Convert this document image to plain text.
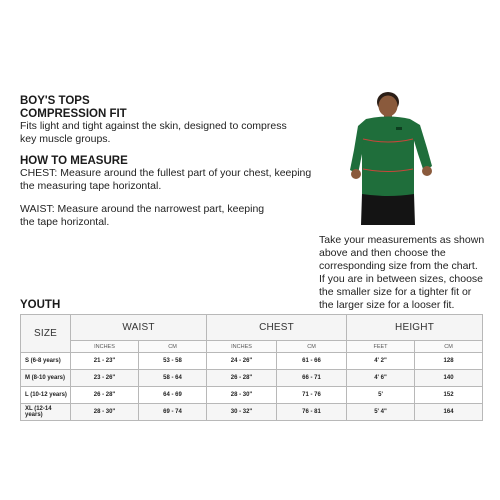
BOY'S TOPS
COMPRESSION FIT
Fits light and tight against the skin, designed to compress
key muscle groups.
HOW TO MEASURE
CHEST: Measure around the fullest part of your chest, keeping
the measuring tape horizontal.
WAIST: Measure around the narrowest part, keeping
the tape horizontal.
Take your measurements as shown
above and then choose the
corresponding size from the chart.
If you are in between sizes, choose
the smaller size for a tighter fit or
the larger size for a looser fit.
YOUTH
SIZE	WAIST		CHEST		HEIGHT	
	INCHES	CM	INCHES	CM	FEET	CM
S (6-8 years)	21 - 23"	53 - 58	24 - 26"	61 - 66	4' 2"	128
M (8-10 years)	23 - 26"	58 - 64	26 - 28"	66 - 71	4' 6"	140
L (10-12 years)	26 - 28"	64 - 69	28 - 30"	71 - 76	5'	152
XL (12-14 years)	28 - 30"	69 - 74	30 - 32"	76 - 81	5' 4"	164
